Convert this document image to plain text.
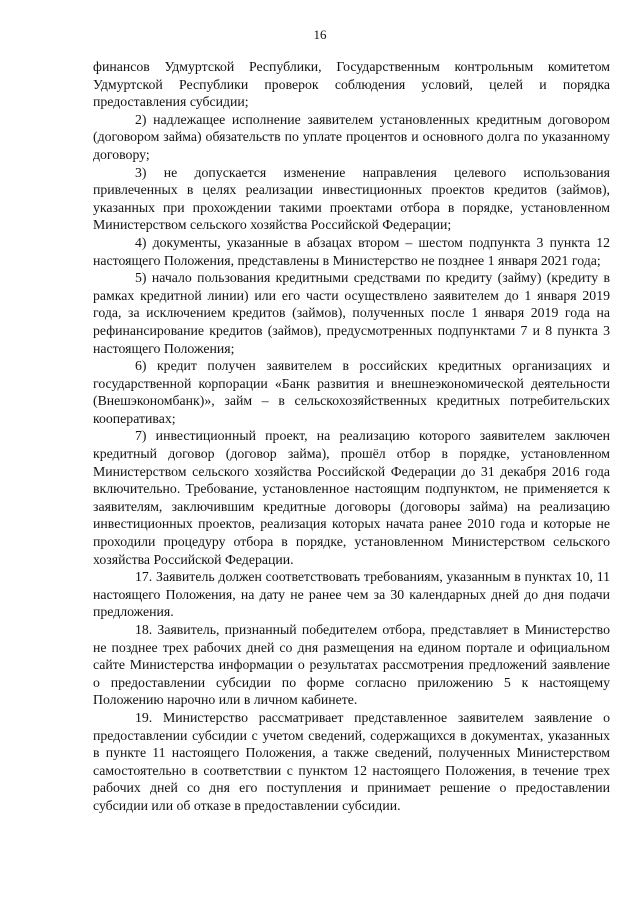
16

финансов Удмуртской Республики, Государственным контрольным комитетом Удмуртской Республики проверок соблюдения условий, целей и порядка предоставления субсидии;

2) надлежащее исполнение заявителем установленных кредитным договором (договором займа) обязательств по уплате процентов и основного долга по указанному договору;

3) не допускается изменение направления целевого использования привлеченных в целях реализации инвестиционных проектов кредитов (займов), указанных при прохождении такими проектами отбора в порядке, установленном Министерством сельского хозяйства Российской Федерации;

4) документы, указанные в абзацах втором – шестом подпункта 3 пункта 12 настоящего Положения, представлены в Министерство не позднее 1 января 2021 года;

5) начало пользования кредитными средствами по кредиту (займу) (кредиту в рамках кредитной линии) или его части осуществлено заявителем до 1 января 2019 года, за исключением кредитов (займов), полученных после 1 января 2019 года на рефинансирование кредитов (займов), предусмотренных подпунктами 7 и 8 пункта 3 настоящего Положения;

6) кредит получен заявителем в российских кредитных организациях и государственной корпорации «Банк развития и внешнеэкономической деятельности (Внешэкономбанк)», займ – в сельскохозяйственных кредитных потребительских кооперативах;

7) инвестиционный проект, на реализацию которого заявителем заключен кредитный договор (договор займа), прошёл отбор в порядке, установленном Министерством сельского хозяйства Российской Федерации до 31 декабря 2016 года включительно. Требование, установленное настоящим подпунктом, не применяется к заявителям, заключившим кредитные договоры (договоры займа) на реализацию инвестиционных проектов, реализация которых начата ранее 2010 года и которые не проходили процедуру отбора в порядке, установленном Министерством сельского хозяйства Российской Федерации.

17. Заявитель должен соответствовать требованиям, указанным в пунктах 10, 11 настоящего Положения, на дату не ранее чем за 30 календарных дней до дня подачи предложения.

18. Заявитель, признанный победителем отбора, представляет в Министерство не позднее трех рабочих дней со дня размещения на едином портале и официальном сайте Министерства информации о результатах рассмотрения предложений заявление о предоставлении субсидии по форме согласно приложению 5 к настоящему Положению нарочно или в личном кабинете.

19. Министерство рассматривает представленное заявителем заявление о предоставлении субсидии с учетом сведений, содержащихся в документах, указанных в пункте 11 настоящего Положения, а также сведений, полученных Министерством самостоятельно в соответствии с пунктом 12 настоящего Положения, в течение трех рабочих дней со дня его поступления и принимает решение о предоставлении субсидии или об отказе в предоставлении субсидии.
